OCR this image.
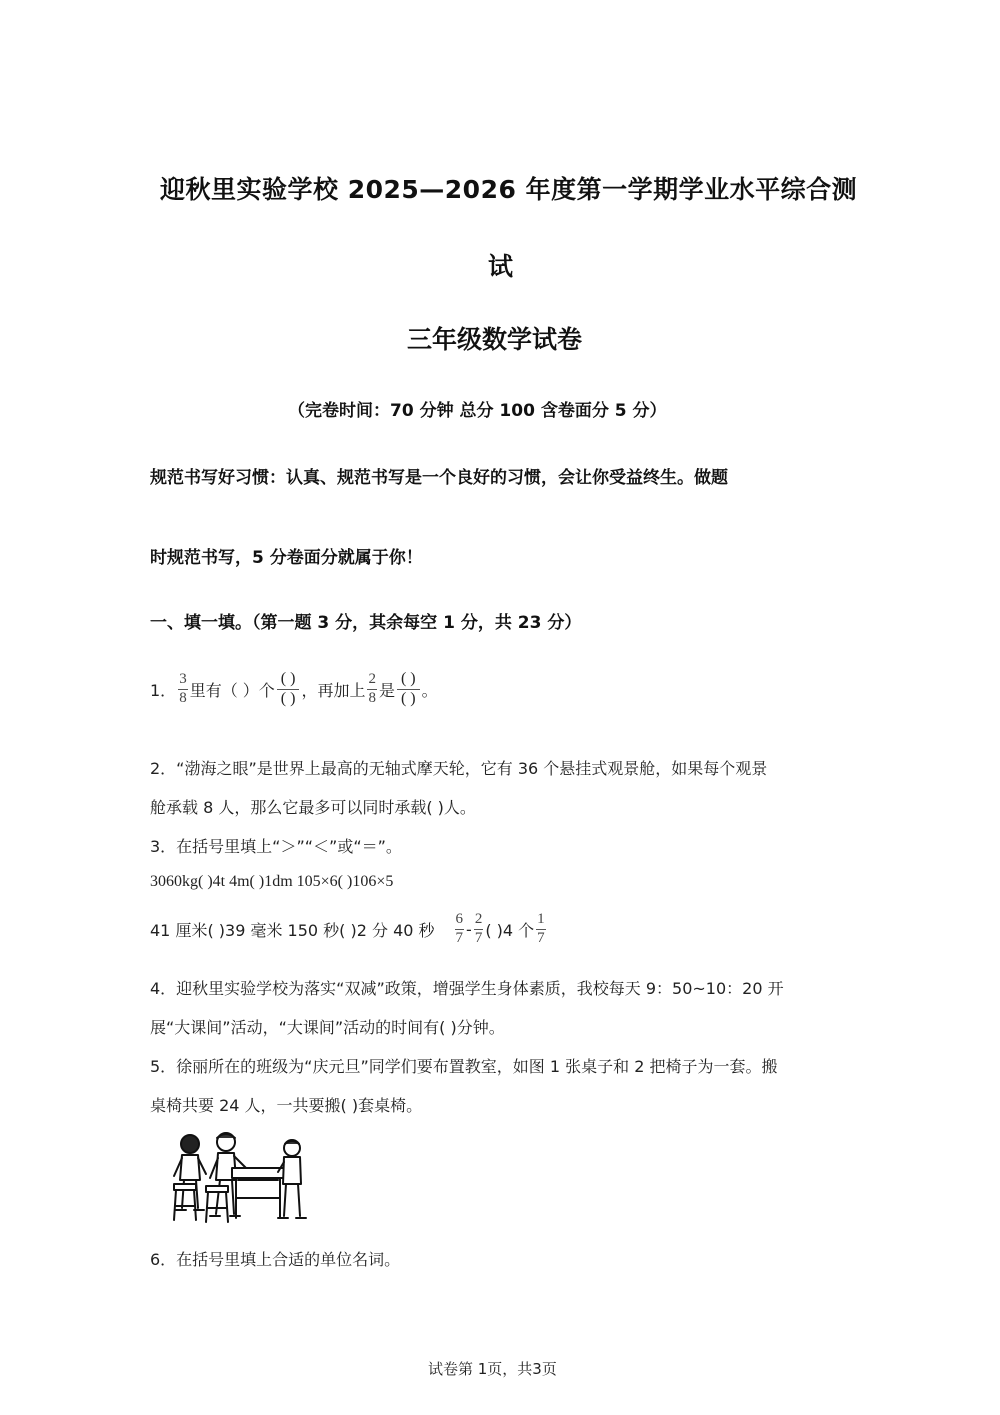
迎秋里实验学校 2025—2026 年度第一学期学业水平综合测
试
三年级数学试卷
（完卷时间：70 分钟 总分 100 含卷面分 5 分）
规范书写好习惯：认真、规范书写是一个良好的习惯，会让你受益终生。做题
时规范书写，5 分卷面分就属于你！
一、填一填。（第一题 3 分，其余每空 1 分，共 23 分）
1． $\frac{3}{8}$ 里有（ ）个 $\frac{( )}{( )}$ ，再加上 $\frac{2}{8}$ 是 $\frac{( )}{( )}$ 。
2．“渤海之眼”是世界上最高的无轴式摩天轮，它有 36 个悬挂式观景舱，如果每个观景
舱承载 8 人，那么它最多可以同时承载( )人。
3．在括号里填上“＞”“＜”或“＝”。
3060kg( )4t 4m( )1dm 105×6( )106×5
41 厘米( )39 毫米 150 秒( )2 分 40 秒 $\frac{6}{7} - \frac{2}{7}$ ( )4 个 $\frac{1}{7}$
4．迎秋里实验学校为落实“双减”政策，增强学生身体素质，我校每天 9：50~10：20 开
展“大课间”活动，“大课间”活动的时间有( )分钟。
5．徐丽所在的班级为“庆元旦”同学们要布置教室，如图 1 张桌子和 2 把椅子为一套。搬
桌椅共要 24 人，一共要搬( )套桌椅。
6．在括号里填上合适的单位名词。
试卷第 1页，共3页
